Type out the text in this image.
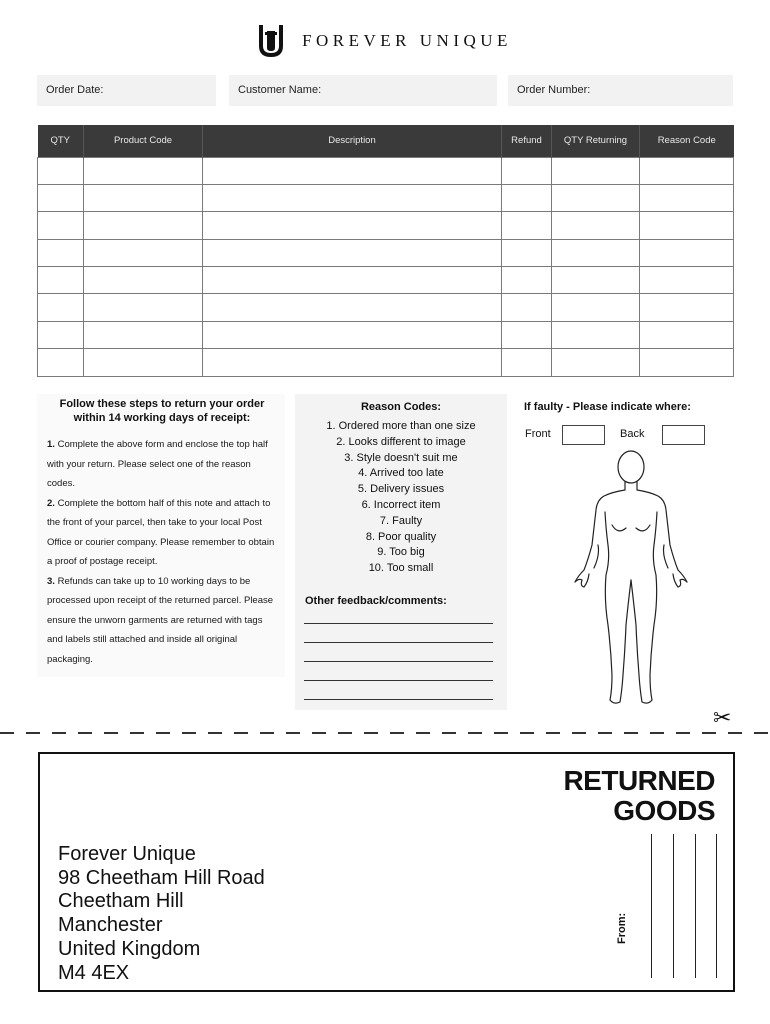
FOREVER UNIQUE
Order Date:	Customer Name:	Order Number:
QTY	Product Code	Description	Refund	QTY Returning	Reason Code

Follow these steps to return your order within 14 working days of receipt:
1. Complete the above form and enclose the top half with your return. Please select one of the reason codes.
2. Complete the bottom half of this note and attach to the front of your parcel, then take to your local Post Office or courier company. Please remember to obtain a proof of postage receipt.
3. Refunds can take up to 10 working days to be processed upon receipt of the returned parcel. Please ensure the unworn garments are returned with tags and labels still attached and inside all original packaging.
Reason Codes:
1. Ordered more than one size
2. Looks different to image
3. Style doesn't suit me
4. Arrived too late
5. Delivery issues
6. Incorrect item
7. Faulty
8. Poor quality
9. Too big
10. Too small
Other feedback/comments:
If faulty - Please indicate where:
Front	Back
✂
RETURNED
GOODS
Forever Unique
98 Cheetham Hill Road
Cheetham Hill
Manchester
United Kingdom
M4 4EX
From:
